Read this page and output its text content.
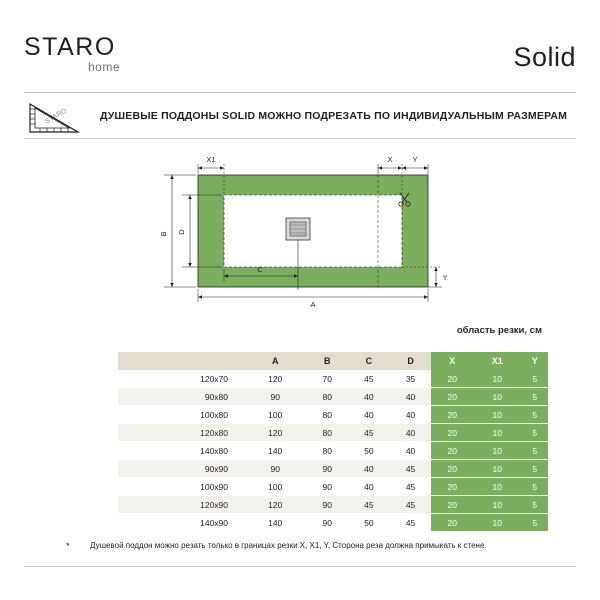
STARO
home	Solid
STARO	ДУШЕВЫЕ ПОДДОНЫ SOLID МОЖНО ПОДРЕЗАТЬ ПО ИНДИВИДУАЛЬНЫМ РАЗМЕРАМ
X1	X	Y
B D
Y
C
A
область резки, см
	A	B	C	D	X	X1	Y
120x70	120	70	45	35	20	10	5
90x80	90	80	40	40	20	10	5
100x80	100	80	40	40	20	10	5
120x80	120	80	45	40	20	10	5
140x80	140	80	50	40	20	10	5
90x90	90	90	40	45	20	10	5
100x90	100	90	40	45	20	10	5
120x90	120	90	45	45	20	10	5
140x90	140	90	50	45	20	10	5
*	Душевой поддон можно резать только в границах резки X, X1, Y. Сторона реза должна примыкать к стене.
